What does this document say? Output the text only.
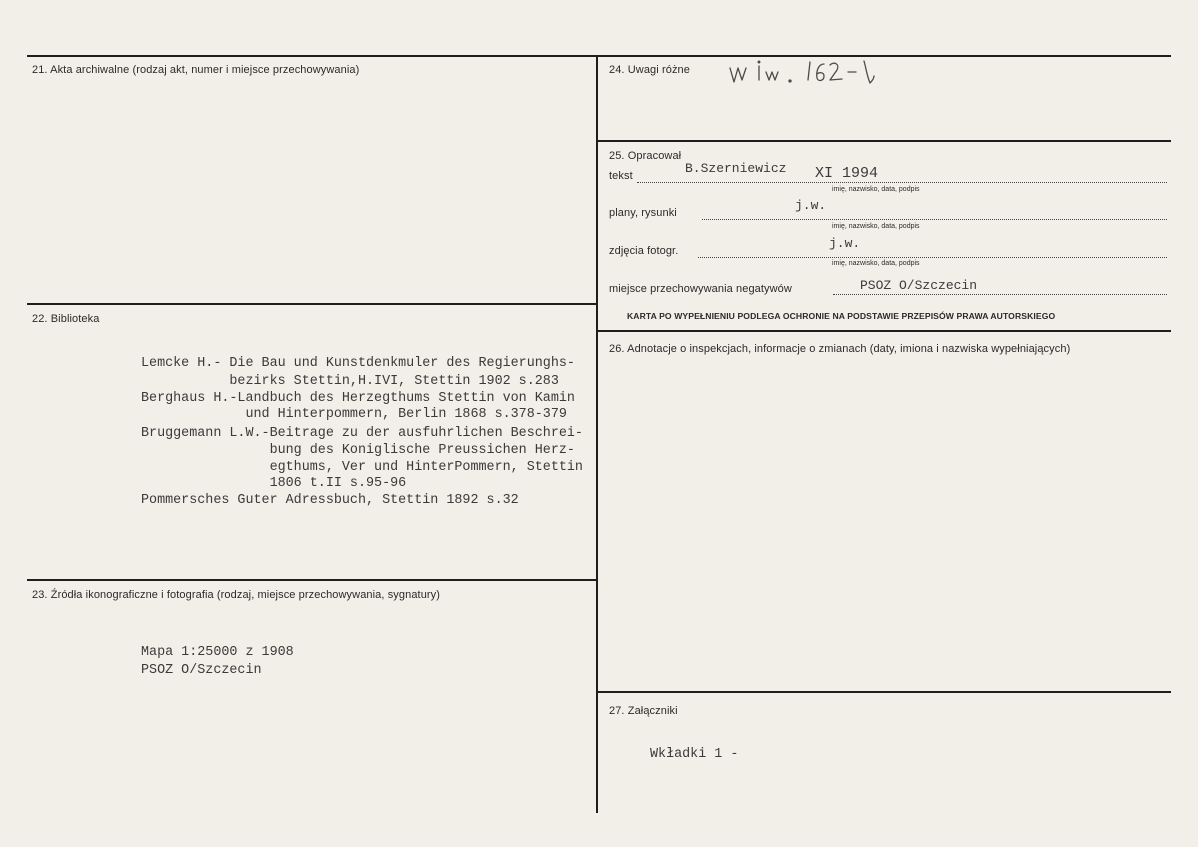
21. Akta archiwalne (rodzaj akt, numer i miejsce przechowywania)
22. Biblioteka
Lemcke H.- Die Bau und Kunstdenkmuler des Regierunghs-
bezirks Stettin,H.IVI, Stettin 1902 s.283
Berghaus H.-Landbuch des Herzegthums Stettin von Kamin
und Hinterpommern, Berlin 1868 s.378-379
Bruggemann L.W.-Beitrage zu der ausfuhrlichen Beschrei-
bung des Koniglische Preussichen Herz-
egthums, Ver und HinterPommern, Stettin
1806 t.II s.95-96
Pommersches Guter Adressbuch, Stettin 1892 s.32
23. Źródła ikonograficzne i fotografia (rodzaj, miejsce przechowywania, sygnatury)
Mapa 1:25000 z 1908
PSOZ O/Szczecin
24. Uwagi różne
25. Opracował
tekst	B.Szerniewicz XI 1994
imię, nazwisko, data, podpis
plany, rysunki	j.w.
imię, nazwisko, data, podpis
zdjęcia fotogr.	j.w.
imię, nazwisko, data, podpis
miejsce przechowywania negatywów	PSOZ O/Szczecin
KARTA PO WYPEŁNIENIU PODLEGA OCHRONIE NA PODSTAWIE PRZEPISÓW PRAWA AUTORSKIEGO
26. Adnotacje o inspekcjach, informacje o zmianach (daty, imiona i nazwiska wypełniających)
27. Załączniki
Wkładki 1 -
